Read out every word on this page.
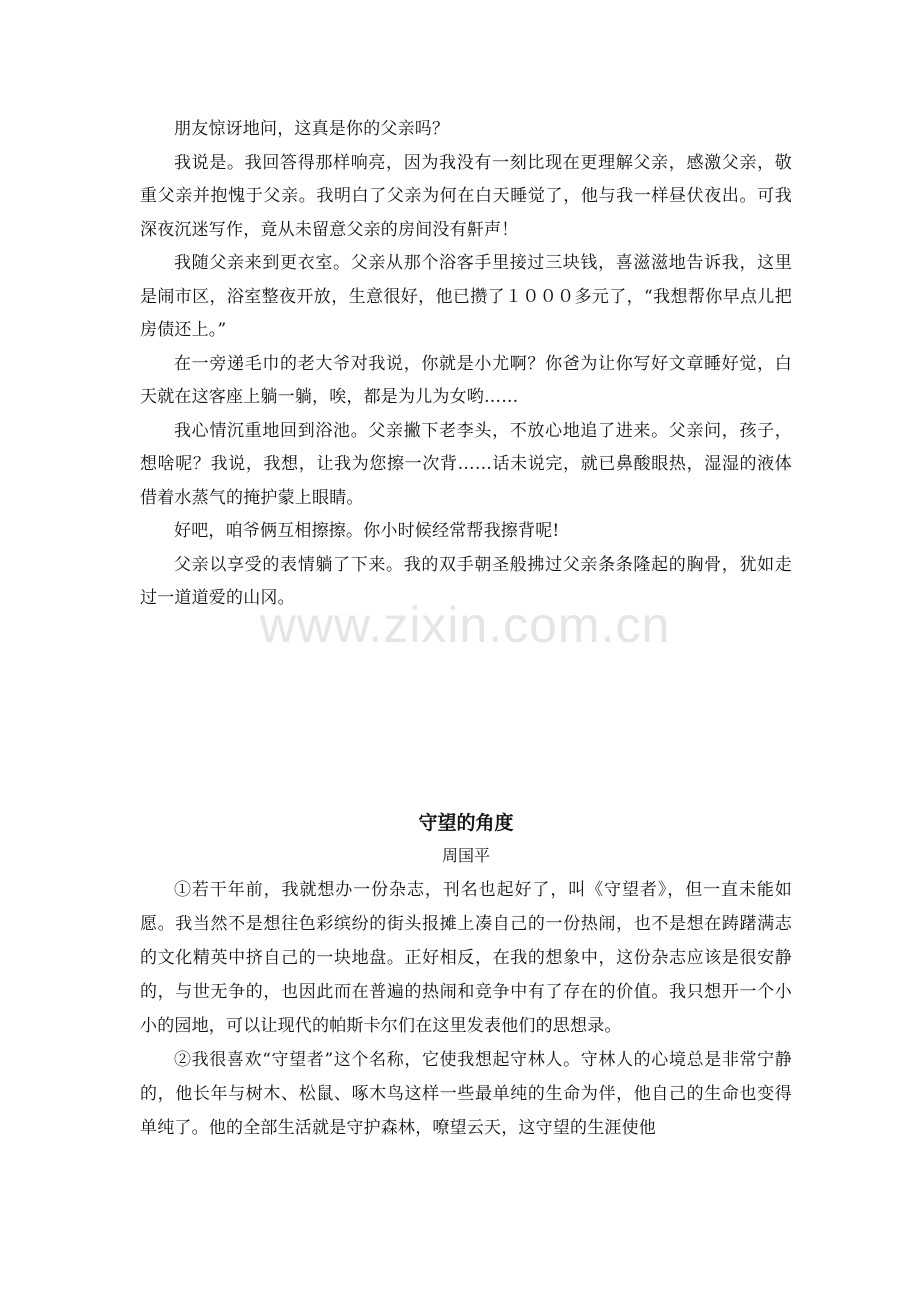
朋友惊讶地问，这真是你的父亲吗？

我说是。我回答得那样响亮，因为我没有一刻比现在更理解父亲，感激父亲，敬重父亲并抱愧于父亲。我明白了父亲为何在白天睡觉了，他与我一样昼伏夜出。可我深夜沉迷写作，竟从未留意父亲的房间没有鼾声！

我随父亲来到更衣室。父亲从那个浴客手里接过三块钱，喜滋滋地告诉我，这里是闹市区，浴室整夜开放，生意很好，他已攒了１０００多元了，“我想帮你早点儿把房债还上。”

在一旁递毛巾的老大爷对我说，你就是小尤啊？你爸为让你写好文章睡好觉，白天就在这客座上躺一躺，唉，都是为儿为女哟……

我心情沉重地回到浴池。父亲撇下老李头，不放心地追了进来。父亲问，孩子，想啥呢？我说，我想，让我为您擦一次背……话未说完，就已鼻酸眼热，湿湿的液体借着水蒸气的掩护蒙上眼睛。

好吧，咱爷俩互相擦擦。你小时候经常帮我擦背呢!

父亲以享受的表情躺了下来。我的双手朝圣般拂过父亲条条隆起的胸骨，犹如走过一道道爱的山冈。

守望的角度
周国平

①若干年前，我就想办一份杂志，刊名也起好了，叫《守望者》，但一直未能如愿。我当然不是想往色彩缤纷的街头报摊上凑自己的一份热闹，也不是想在踌躇满志的文化精英中挤自己的一块地盘。正好相反，在我的想象中，这份杂志应该是很安静的，与世无争的，也因此而在普遍的热闹和竞争中有了存在的价值。我只想开一个小小的园地，可以让现代的帕斯卡尔们在这里发表他们的思想录。

②我很喜欢“守望者”这个名称，它使我想起守林人。守林人的心境总是非常宁静的，他长年与树木、松鼠、啄木鸟这样一些最单纯的生命为伴，他自己的生命也变得单纯了。他的全部生活就是守护森林，嘹望云天，这守望的生涯使他

www.zixin.com.cn
